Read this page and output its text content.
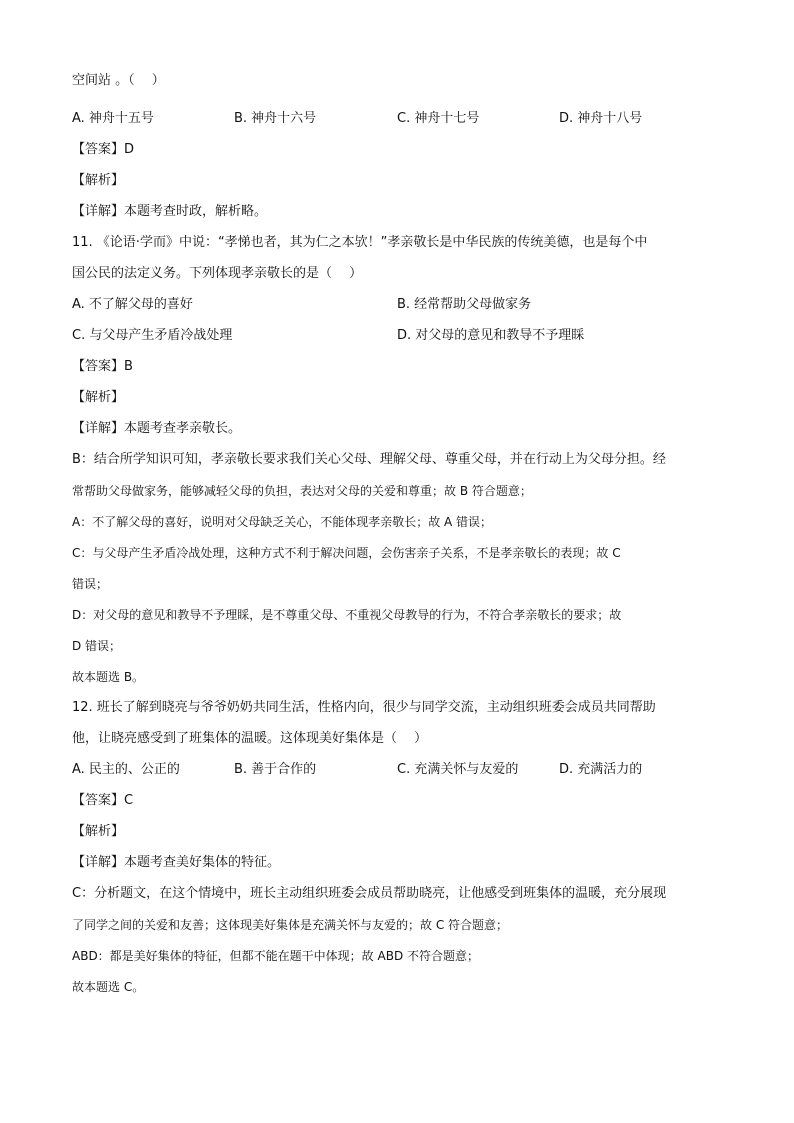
空间站 。（　 ）
A. 神舟十五号	B. 神舟十六号	C. 神舟十七号	D. 神舟十八号
【答案】D
【解析】
【详解】本题考查时政，解析略。
11. 《论语·学而》中说：“孝悌也者，其为仁之本欤！”孝亲敬长是中华民族的传统美德，也是每个中
国公民的法定义务。下列体现孝亲敬长的是（　 ）
A. 不了解父母的喜好	B. 经常帮助父母做家务
C. 与父母产生矛盾冷战处理	D. 对父母的意见和教导不予理睬
【答案】B
【解析】
【详解】本题考查孝亲敬长。
B：结合所学知识可知，孝亲敬长要求我们关心父母、理解父母、尊重父母，并在行动上为父母分担。经
常帮助父母做家务，能够减轻父母的负担，表达对父母的关爱和尊重；故 B 符合题意；
A：不了解父母的喜好，说明对父母缺乏关心，不能体现孝亲敬长；故 A 错误；
C：与父母产生矛盾冷战处理，这种方式不利于解决问题，会伤害亲子关系，不是孝亲敬长的表现；故 C
错误；
D：对父母的意见和教导不予理睬，是不尊重父母、不重视父母教导的行为，不符合孝亲敬长的要求；故
D 错误；
故本题选 B。
12. 班长了解到晓亮与爷爷奶奶共同生活，性格内向，很少与同学交流，主动组织班委会成员共同帮助
他，让晓亮感受到了班集体的温暖。这体现美好集体是（　 ）
A. 民主的、公正的	B. 善于合作的	C. 充满关怀与友爱的	D. 充满活力的
【答案】C
【解析】
【详解】本题考查美好集体的特征。
C：分析题文，在这个情境中，班长主动组织班委会成员帮助晓亮，让他感受到班集体的温暖，充分展现
了同学之间的关爱和友善；这体现美好集体是充满关怀与友爱的；故 C 符合题意；
ABD：都是美好集体的特征，但都不能在题干中体现；故 ABD 不符合题意；
故本题选 C。
